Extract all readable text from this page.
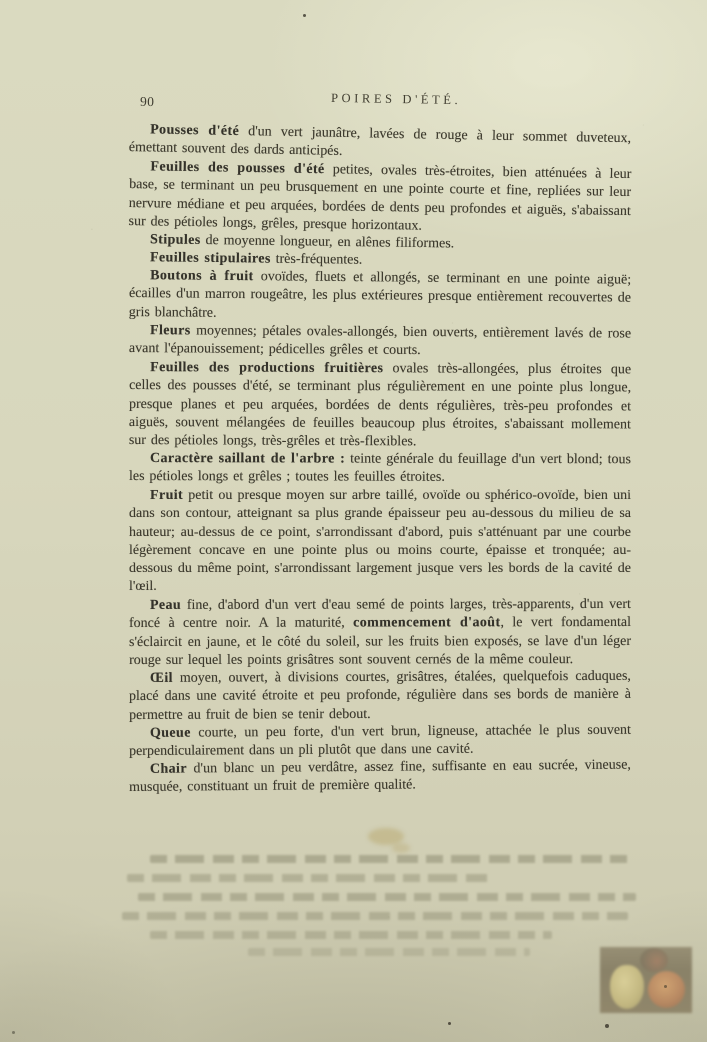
90	POIRES D'ÉTÉ.

Pousses d'été d'un vert jaunâtre, lavées de rouge à leur sommet duveteux, émettant souvent des dards anticipés.

Feuilles des pousses d'été petites, ovales très-étroites, bien atténuées à leur base, se terminant un peu brusquement en une pointe courte et fine, repliées sur leur nervure médiane et peu arquées, bordées de dents peu profondes et aiguës, s'abaissant sur des pétioles longs, grêles, presque horizontaux.

Stipules de moyenne longueur, en alênes filiformes.

Feuilles stipulaires très-fréquentes.

Boutons à fruit ovoïdes, fluets et allongés, se terminant en une pointe aiguë; écailles d'un marron rougeâtre, les plus extérieures presque entièrement recouvertes de gris blanchâtre.

Fleurs moyennes; pétales ovales-allongés, bien ouverts, entièrement lavés de rose avant l'épanouissement; pédicelles grêles et courts.

Feuilles des productions fruitières ovales très-allongées, plus étroites que celles des pousses d'été, se terminant plus régulièrement en une pointe plus longue, presque planes et peu arquées, bordées de dents régulières, très-peu profondes et aiguës, souvent mélangées de feuilles beaucoup plus étroites, s'abaissant mollement sur des pétioles longs, très-grêles et très-flexibles.

Caractère saillant de l'arbre : teinte générale du feuillage d'un vert blond; tous les pétioles longs et grêles ; toutes les feuilles étroites.

Fruit petit ou presque moyen sur arbre taillé, ovoïde ou sphérico-ovoïde, bien uni dans son contour, atteignant sa plus grande épaisseur peu au-dessous du milieu de sa hauteur; au-dessus de ce point, s'arrondissant d'abord, puis s'atténuant par une courbe légèrement concave en une pointe plus ou moins courte, épaisse et tronquée; au-dessous du même point, s'arrondissant largement jusque vers les bords de la cavité de l'œil.

Peau fine, d'abord d'un vert d'eau semé de points larges, très-apparents, d'un vert foncé à centre noir. A la maturité, commencement d'août, le vert fondamental s'éclaircit en jaune, et le côté du soleil, sur les fruits bien exposés, se lave d'un léger rouge sur lequel les points grisâtres sont souvent cernés de la même couleur.

Œil moyen, ouvert, à divisions courtes, grisâtres, étalées, quelquefois caduques, placé dans une cavité étroite et peu profonde, régulière dans ses bords de manière à permettre au fruit de bien se tenir debout.

Queue courte, un peu forte, d'un vert brun, ligneuse, attachée le plus souvent perpendiculairement dans un pli plutôt que dans une cavité.

Chair d'un blanc un peu verdâtre, assez fine, suffisante en eau sucrée, vineuse, musquée, constituant un fruit de première qualité.
